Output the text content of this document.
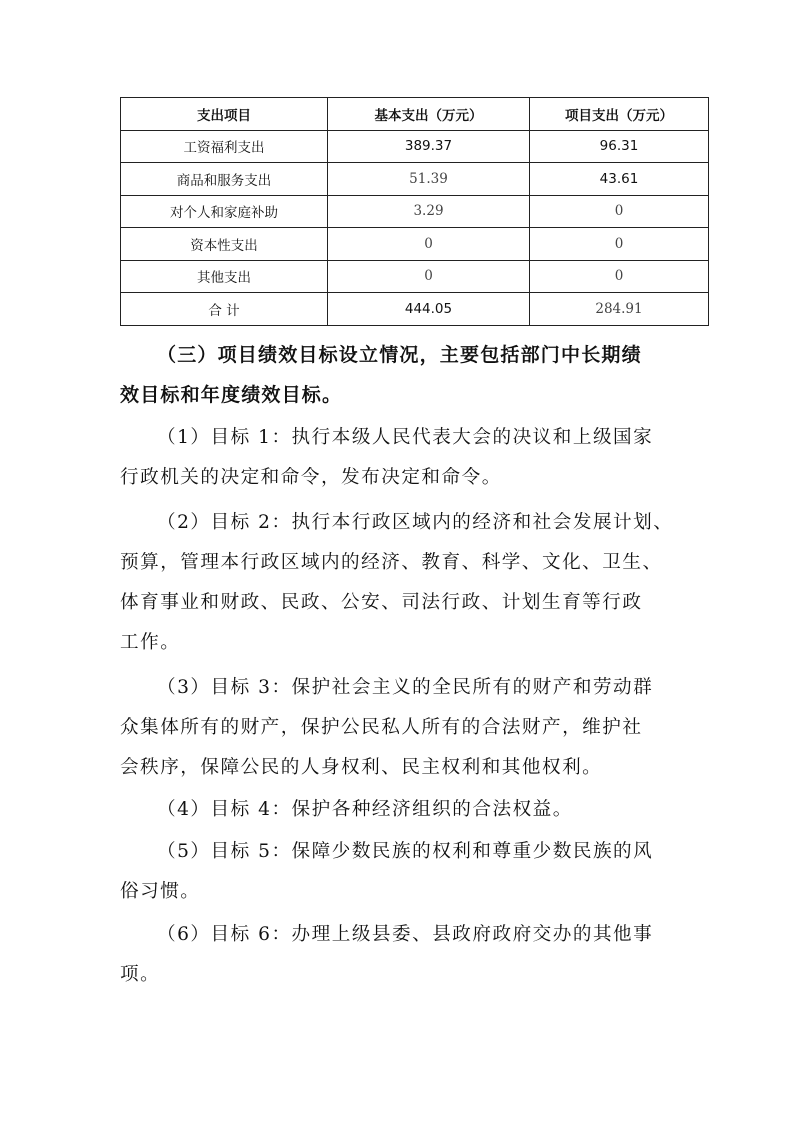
支出项目	基本支出（万元）	项目支出（万元）
工资福利支出	389.37	96.31
商品和服务支出	51.39	43.61
对个人和家庭补助	3.29	0
资本性支出	0	0
其他支出	0	0
合 计	444.05	284.91
（三）项目绩效目标设立情况，主要包括部门中长期绩
效目标和年度绩效目标。
（1）目标 1：执行本级人民代表大会的决议和上级国家
行政机关的决定和命令，发布决定和命令。
（2）目标 2：执行本行政区域内的经济和社会发展计划、
预算，管理本行政区域内的经济、教育、科学、文化、卫生、
体育事业和财政、民政、公安、司法行政、计划生育等行政
工作。
（3）目标 3：保护社会主义的全民所有的财产和劳动群
众集体所有的财产，保护公民私人所有的合法财产，维护社
会秩序，保障公民的人身权利、民主权利和其他权利。
（4）目标 4：保护各种经济组织的合法权益。
（5）目标 5：保障少数民族的权利和尊重少数民族的风
俗习惯。
（6）目标 6：办理上级县委、县政府政府交办的其他事
项。
